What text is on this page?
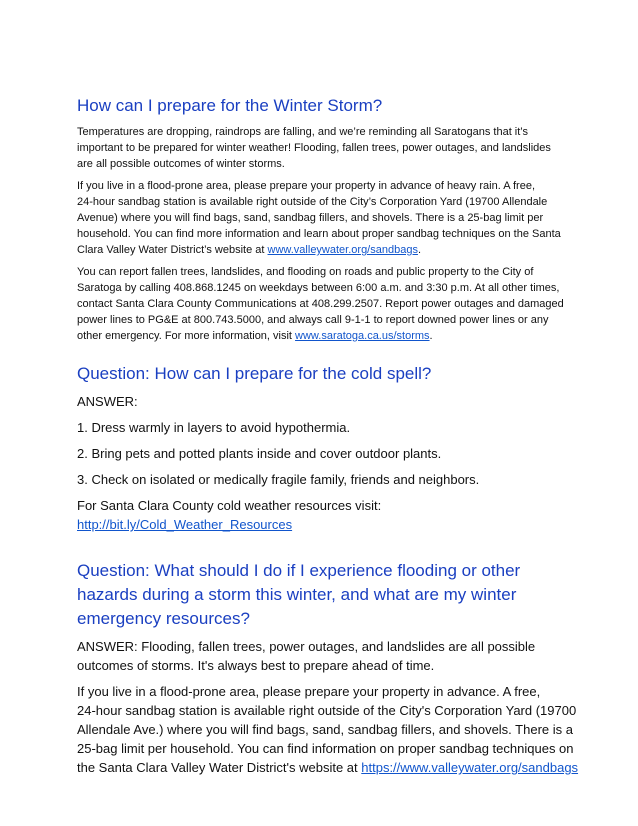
How can I prepare for the Winter Storm?

Temperatures are dropping, raindrops are falling, and we’re reminding all Saratogans that it’s
important to be prepared for winter weather! Flooding, fallen trees, power outages, and landslides
are all possible outcomes of winter storms.

If you live in a flood-prone area, please prepare your property in advance of heavy rain. A free,
24-hour sandbag station is available right outside of the City’s Corporation Yard (19700 Allendale
Avenue) where you will find bags, sand, sandbag fillers, and shovels. There is a 25-bag limit per
household. You can find more information and learn about proper sandbag techniques on the Santa
Clara Valley Water District’s website at www.valleywater.org/sandbags.

You can report fallen trees, landslides, and flooding on roads and public property to the City of
Saratoga by calling 408.868.1245 on weekdays between 6:00 a.m. and 3:30 p.m. At all other times,
contact Santa Clara County Communications at 408.299.2507. Report power outages and damaged
power lines to PG&E at 800.743.5000, and always call 9-1-1 to report downed power lines or any
other emergency. For more information, visit www.saratoga.ca.us/storms.

Question: How can I prepare for the cold spell?

ANSWER:

1. Dress warmly in layers to avoid hypothermia.

2. Bring pets and potted plants inside and cover outdoor plants.

3. Check on isolated or medically fragile family, friends and neighbors.

For Santa Clara County cold weather resources visit:
http://bit.ly/Cold_Weather_Resources

Question: What should I do if I experience flooding or other
hazards during a storm this winter, and what are my winter
emergency resources?

ANSWER: Flooding, fallen trees, power outages, and landslides are all possible
outcomes of storms. It's always best to prepare ahead of time.

If you live in a flood-prone area, please prepare your property in advance. A free,
24-hour sandbag station is available right outside of the City's Corporation Yard (19700
Allendale Ave.) where you will find bags, sand, sandbag fillers, and shovels. There is a
25-bag limit per household. You can find information on proper sandbag techniques on
the Santa Clara Valley Water District's website at https://www.valleywater.org/sandbags
